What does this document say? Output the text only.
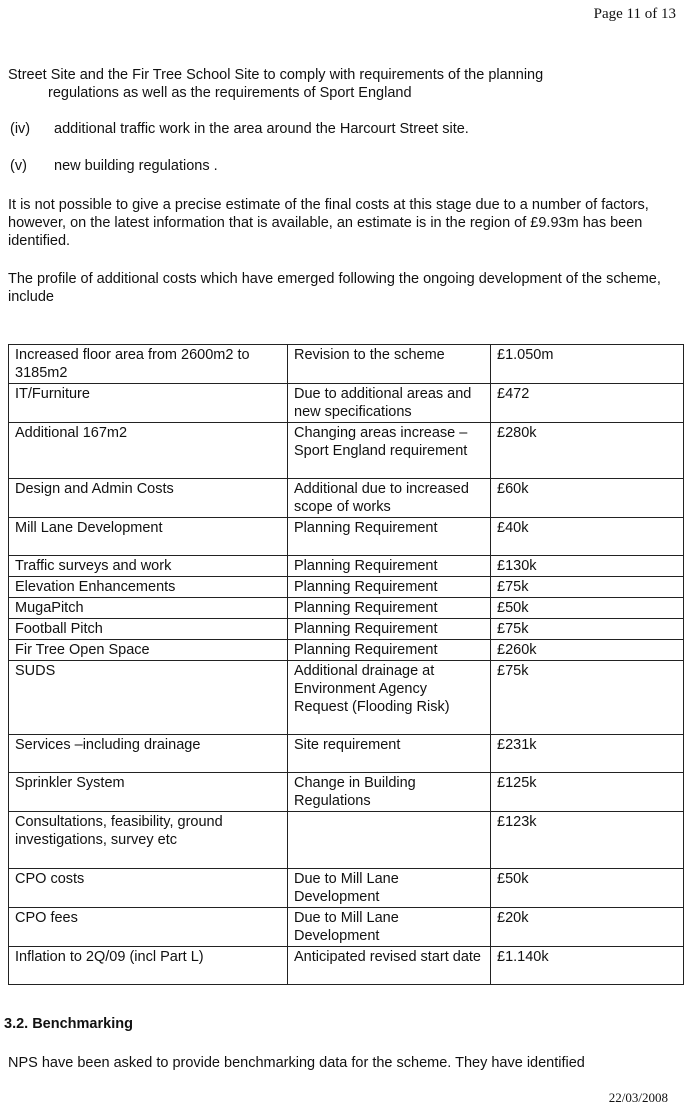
Page 11 of 13

Street Site and the Fir Tree School Site to comply with requirements of the planning

regulations as well as the requirements of Sport England

(iv) additional traffic work in the area around the Harcourt Street site.
(v) new building regulations .

It is not possible to give a precise estimate of the final costs at this stage due to a number of factors, however, on the latest information that is available, an estimate is in the region of £9.93m has been identified.

The profile of additional costs which have emerged following the ongoing development of the scheme, include

Increased floor area from 2600m2 to 3185m2	Revision to the scheme	£1.050m
IT/Furniture	Due to additional areas and new specifications	£472
Additional 167m2	Changing areas increase – Sport England requirement	£280k
Design and Admin Costs	Additional due to increased scope of works	£60k
Mill Lane Development	Planning Requirement	£40k
Traffic surveys and work	Planning Requirement	£130k
Elevation Enhancements	Planning Requirement	£75k
MugaPitch	Planning Requirement	£50k
Football Pitch	Planning Requirement	£75k
Fir Tree Open Space	Planning Requirement	£260k
SUDS	Additional drainage at Environment Agency Request (Flooding Risk)	£75k
Services –including drainage	Site requirement	£231k
Sprinkler System	Change in Building Regulations	£125k
Consultations, feasibility, ground investigations, survey etc		£123k
CPO costs	Due to Mill Lane Development	£50k
CPO fees	Due to Mill Lane Development	£20k
Inflation to 2Q/09 (incl Part L)	Anticipated revised start date	£1.140k
3.2. Benchmarking

NPS have been asked to provide benchmarking data for the scheme. They have identified

22/03/2008
